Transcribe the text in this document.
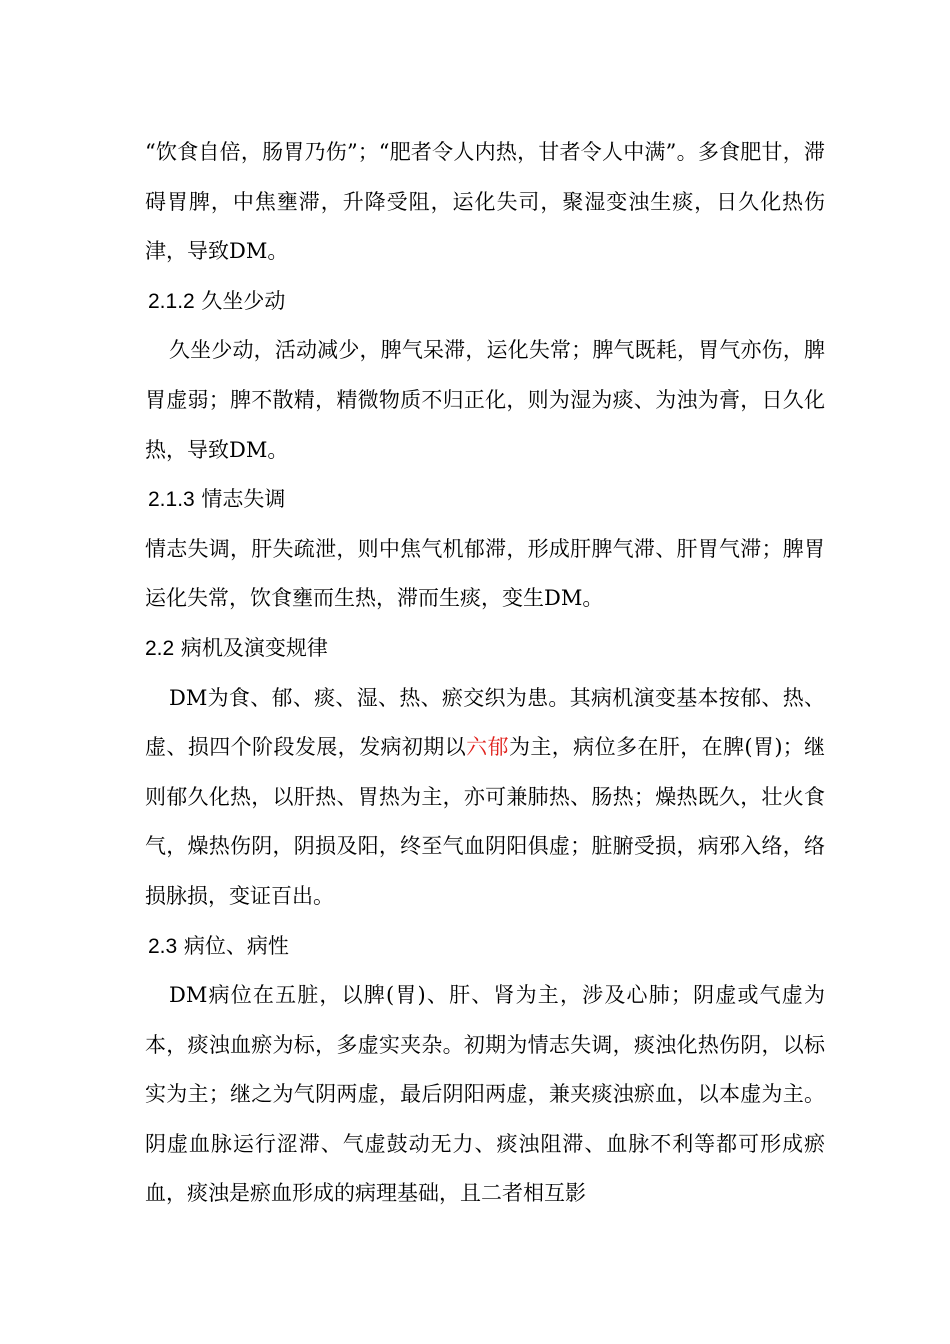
“饮食自倍，肠胃乃伤”；“肥者令人内热，甘者令人中满”。多食肥甘，滞碍胃脾，中焦壅滞，升降受阻，运化失司，聚湿变浊生痰，日久化热伤津，导致DM。

2.1.2 久坐少动

久坐少动，活动减少，脾气呆滞，运化失常；脾气既耗，胃气亦伤，脾胃虚弱；脾不散精，精微物质不归正化，则为湿为痰、为浊为膏，日久化热，导致DM。

2.1.3 情志失调

情志失调，肝失疏泄，则中焦气机郁滞，形成肝脾气滞、肝胃气滞；脾胃运化失常，饮食壅而生热，滞而生痰，变生DM。

2.2 病机及演变规律

DM为食、郁、痰、湿、热、瘀交织为患。其病机演变基本按郁、热、虚、损四个阶段发展，发病初期以六郁为主，病位多在肝，在脾(胃)；继则郁久化热，以肝热、胃热为主，亦可兼肺热、肠热；燥热既久，壮火食气，燥热伤阴，阴损及阳，终至气血阴阳俱虚；脏腑受损，病邪入络，络损脉损，变证百出。

2.3 病位、病性

DM病位在五脏，以脾(胃)、肝、肾为主，涉及心肺；阴虚或气虚为本，痰浊血瘀为标，多虚实夹杂。初期为情志失调，痰浊化热伤阴，以标实为主；继之为气阴两虚，最后阴阳两虚，兼夹痰浊瘀血，以本虚为主。阴虚血脉运行涩滞、气虚鼓动无力、痰浊阻滞、血脉不利等都可形成瘀血，痰浊是瘀血形成的病理基础，且二者相互影
